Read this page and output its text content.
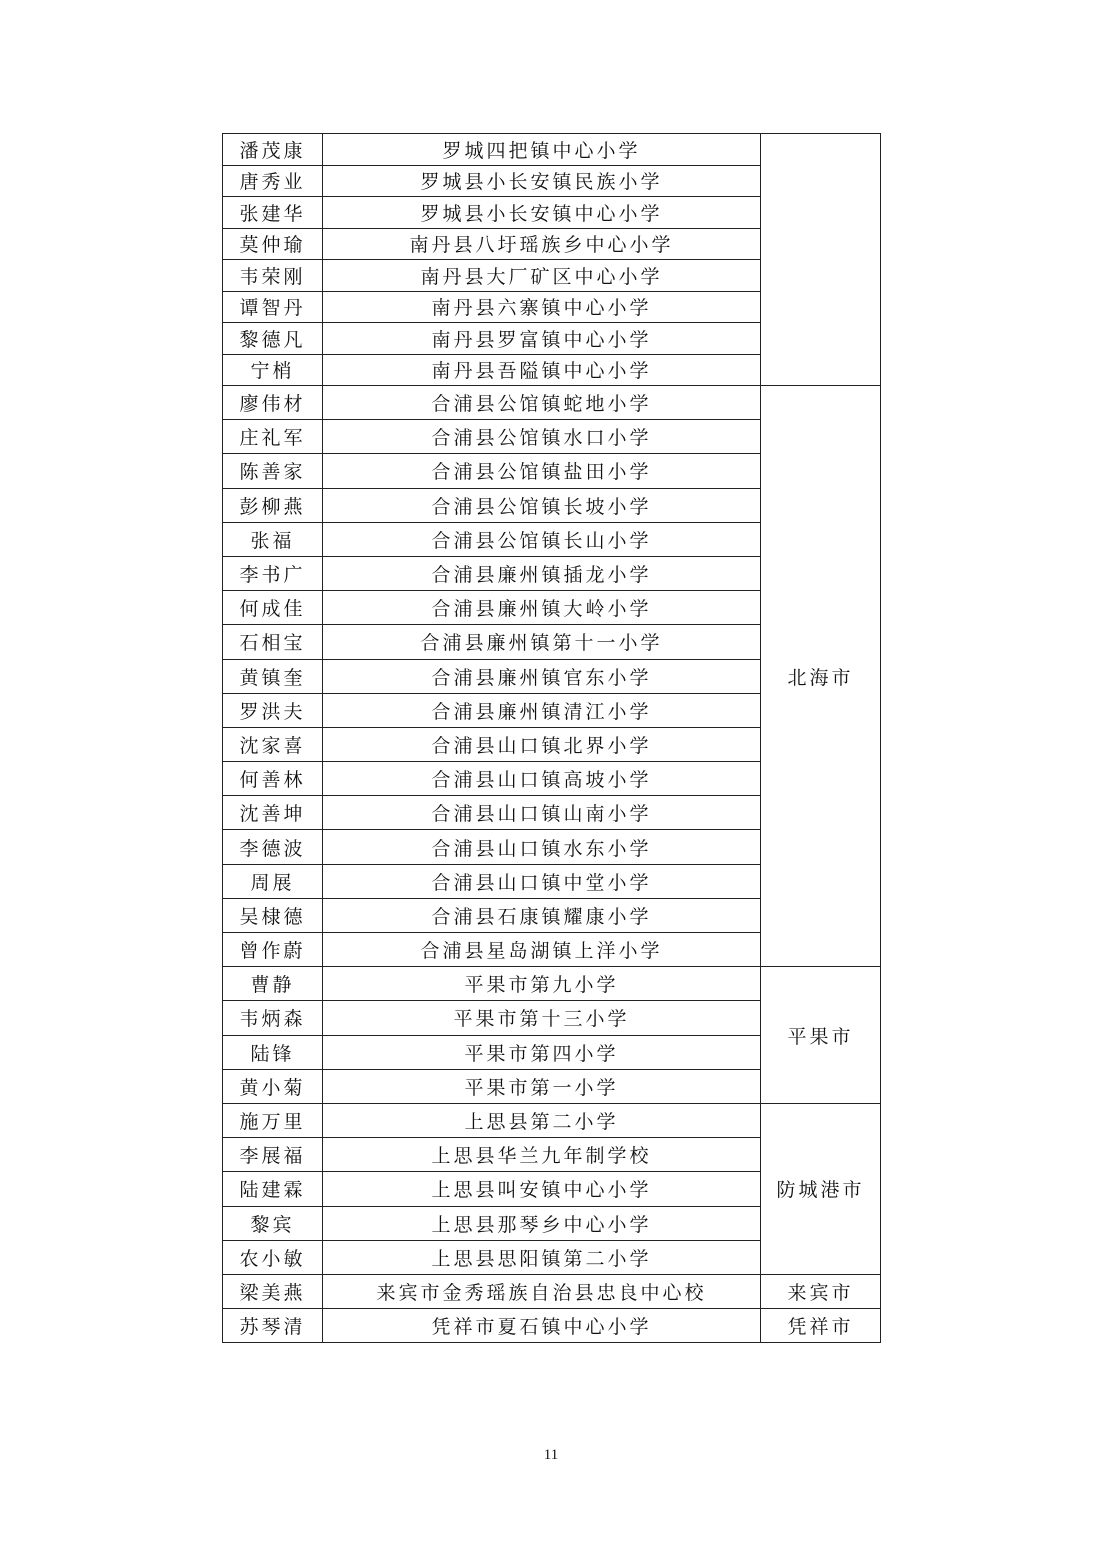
潘茂康	罗城四把镇中心小学	
唐秀业	罗城县小长安镇民族小学	
张建华	罗城县小长安镇中心小学	
莫仲瑜	南丹县八圩瑶族乡中心小学	
韦荣刚	南丹县大厂矿区中心小学	
谭智丹	南丹县六寨镇中心小学	
黎德凡	南丹县罗富镇中心小学	
宁梢	南丹县吾隘镇中心小学	
廖伟材	合浦县公馆镇蛇地小学	北海市
庄礼军	合浦县公馆镇水口小学	
陈善家	合浦县公馆镇盐田小学	
彭柳燕	合浦县公馆镇长坡小学	
张福	合浦县公馆镇长山小学	
李书广	合浦县廉州镇插龙小学	
何成佳	合浦县廉州镇大岭小学	
石相宝	合浦县廉州镇第十一小学	
黄镇奎	合浦县廉州镇官东小学	
罗洪夫	合浦县廉州镇清江小学	
沈家喜	合浦县山口镇北界小学	
何善林	合浦县山口镇高坡小学	
沈善坤	合浦县山口镇山南小学	
李德波	合浦县山口镇水东小学	
周展	合浦县山口镇中堂小学	
吴棣德	合浦县石康镇耀康小学	
曾作蔚	合浦县星岛湖镇上洋小学	
曹静	平果市第九小学	平果市
韦炳森	平果市第十三小学	
陆锋	平果市第四小学	
黄小菊	平果市第一小学	
施万里	上思县第二小学	防城港市
李展福	上思县华兰九年制学校	
陆建霖	上思县叫安镇中心小学	
黎宾	上思县那琴乡中心小学	
农小敏	上思县思阳镇第二小学	
梁美燕	来宾市金秀瑶族自治县忠良中心校	来宾市
苏琴清	凭祥市夏石镇中心小学	凭祥市
11
